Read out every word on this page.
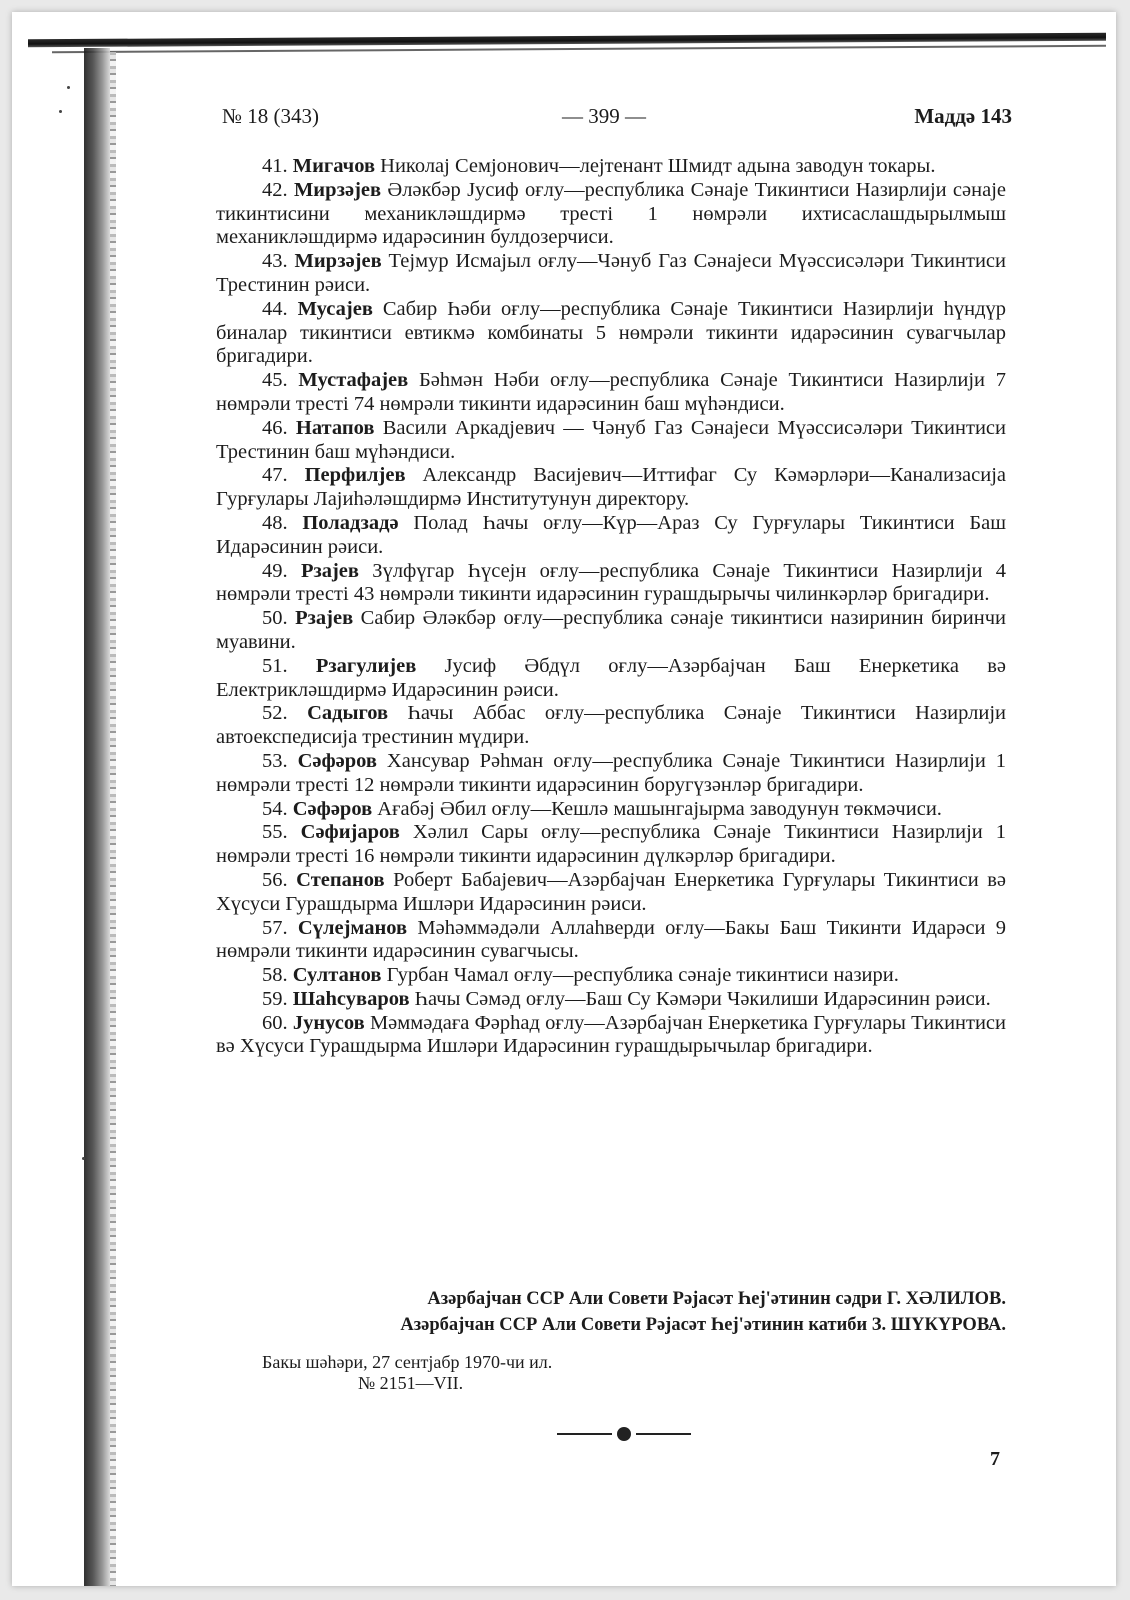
№ 18 (343)	— 399 —	Маддә 143

41. Мигачов Николај Семјонович—лејтенант Шмидт адына заводун токары.

42. Мирзәјев Әләкбәр Јусиф оғлу—республика Сәнаје Тикинтиси Назирлији сәнаје тикинтисини механикләшдирмә тресті 1 нөмрәли ихтисаслашдырылмыш механикләшдирмә идарәсинин булдозерчиси.

43. Мирзәјев Тејмур Исмајыл оғлу—Чәнуб Газ Сәнајеси Мүәссисәләри Тикинтиси Трестинин рәиси.

44. Мусајев Сабир Һәби оғлу—республика Сәнаје Тикинтиси Назирлији һүндүр биналар тикинтиси евтикмә комбинаты 5 нөмрәли тикинти идарәсинин сувагчылар бригадири.

45. Мустафајев Бәһмән Нәби оғлу—республика Сәнаје Тикинтиси Назирлији 7 нөмрәли тресті 74 нөмрәли тикинти идарәсинин баш мүһәндиси.

46. Натапов Васили Аркадјевич — Чәнуб Газ Сәнајеси Мүәссисәләри Тикинтиси Трестинин баш мүһәндиси.

47. Перфилјев Александр Васијевич—Иттифаг Су Кәмәрләри—Канализасија Гурғулары Лајиһәләшдирмә Институтунун директору.

48. Поладзадә Полад Һачы оғлу—Күр—Араз Су Гурғулары Тикинтиси Баш Идарәсинин рәиси.

49. Рзајев Зүлфүгар Һүсејн оғлу—республика Сәнаје Тикинтиси Назирлији 4 нөмрәли тресті 43 нөмрәли тикинти идарәсинин гурашдырычы чилинкәрләр бригадири.

50. Рзајев Сабир Әләкбәр оғлу—республика сәнаје тикинтиси назиринин биринчи муавини.

51. Рзагулијев Јусиф Әбдүл оғлу—Азәрбајчан Баш Енеркетика вә Електрикләшдирмә Идарәсинин рәиси.

52. Садыгов Һачы Аббас оғлу—республика Сәнаје Тикинтиси Назирлији автоекспедисија трестинин мүдири.

53. Сәфәров Хансувар Рәһман оғлу—республика Сәнаје Тикинтиси Назирлији 1 нөмрәли тресті 12 нөмрәли тикинти идарәсинин боругүзәнләр бригадири.

54. Сәфәров Ағабәј Әбил оғлу—Кешлә машынгајырма заводунун төкмәчиси.

55. Сәфијаров Хәлил Сары оғлу—республика Сәнаје Тикинтиси Назирлији 1 нөмрәли тресті 16 нөмрәли тикинти идарәсинин дүлкәрләр бригадири.

56. Степанов Роберт Бабајевич—Азәрбајчан Енеркетика Гурғулары Тикинтиси вә Хүсуси Гурашдырма Ишләри Идарәсинин рәиси.

57. Сүлејманов Мәһәммәдәли Аллаһверди оғлу—Бакы Баш Тикинти Идарәси 9 нөмрәли тикинти идарәсинин сувагчысы.

58. Султанов Гурбан Чамал оғлу—республика сәнаје тикинтиси назири.

59. Шаһсуваров Һачы Сәмәд оғлу—Баш Су Кәмәри Чәкилиши Идарәсинин рәиси.

60. Јунусов Мәммәдаға Фәрһад оғлу—Азәрбајчан Енеркетика Гурғулары Тикинтиси вә Хүсуси Гурашдырма Ишләри Идарәсинин гурашдырычылар бригадири.

Азәрбајчан ССР Али Совети Рәјасәт Һеј'әтинин сәдри Г. ХӘЛИЛОВ.
Азәрбајчан ССР Али Совети Рәјасәт Һеј'әтинин катиби З. ШҮКҮРОВА.
Бакы шәһәри, 27 сентјабр 1970-чи ил.
№ 2151—VII.
7
